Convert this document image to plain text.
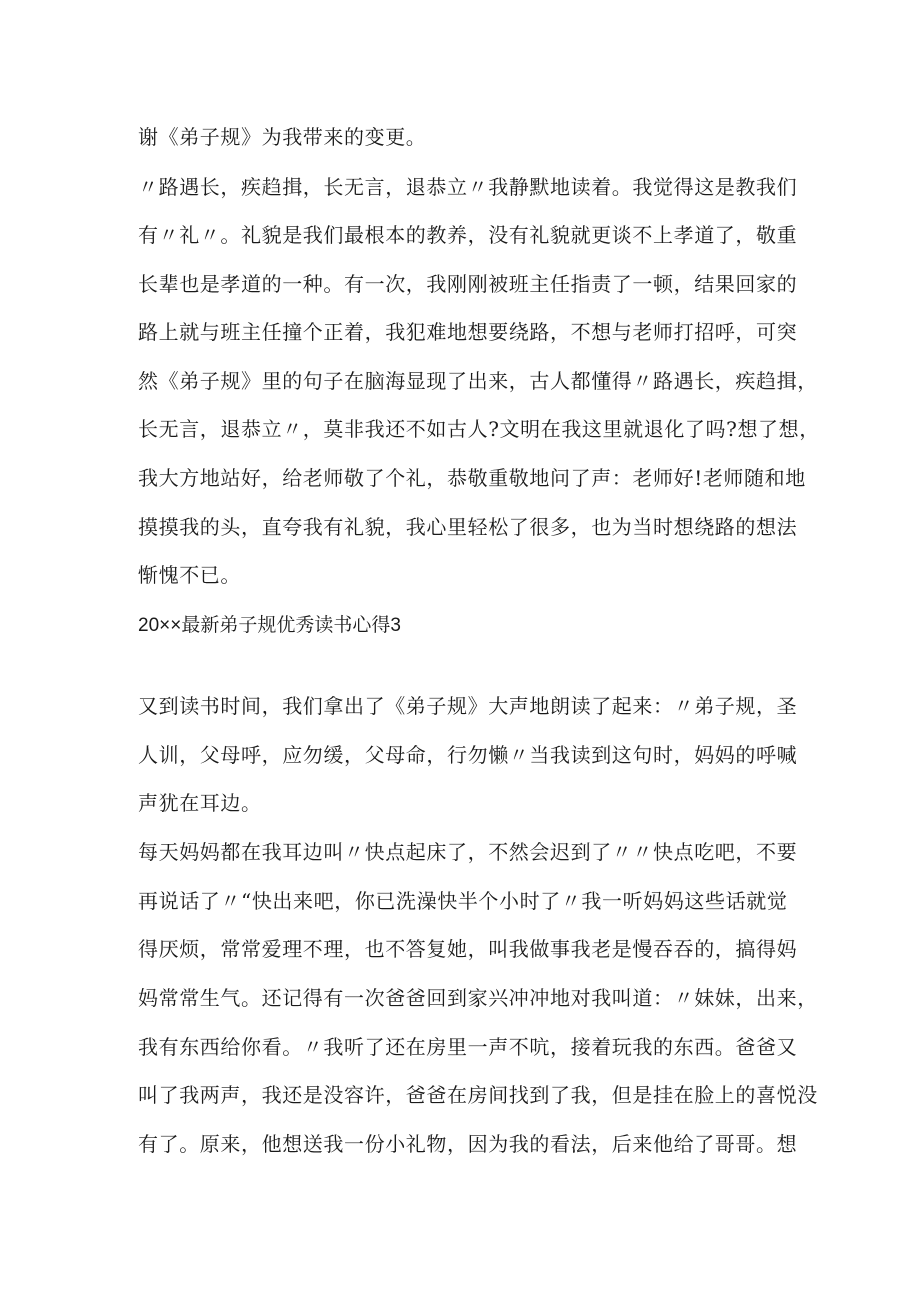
谢《弟子规》为我带来的变更。
〃路遇长，疾趋揖，长无言，退恭立〃我静默地读着。我觉得这是教我们
有〃礼〃。礼貌是我们最根本的教养，没有礼貌就更谈不上孝道了，敬重
长辈也是孝道的一种。有一次，我刚刚被班主任指责了一顿，结果回家的
路上就与班主任撞个正着，我犯难地想要绕路，不想与老师打招呼，可突
然《弟子规》里的句子在脑海显现了出来，古人都懂得〃路遇长，疾趋揖，
长无言，退恭立〃，莫非我还不如古人?文明在我这里就退化了吗?想了想，
我大方地站好，给老师敬了个礼，恭敬重敬地问了声：老师好!老师随和地
摸摸我的头，直夸我有礼貌，我心里轻松了很多，也为当时想绕路的想法
惭愧不已。
20××最新弟子规优秀读书心得3
又到读书时间，我们拿出了《弟子规》大声地朗读了起来：〃弟子规，圣
人训，父母呼，应勿缓，父母命，行勿懒〃当我读到这句时，妈妈的呼喊
声犹在耳边。
每天妈妈都在我耳边叫〃快点起床了，不然会迟到了〃〃快点吃吧，不要
再说话了〃“快出来吧，你已洗澡快半个小时了〃我一听妈妈这些话就觉
得厌烦，常常爱理不理，也不答复她，叫我做事我老是慢吞吞的，搞得妈
妈常常生气。还记得有一次爸爸回到家兴冲冲地对我叫道：〃妹妹，出来，
我有东西给你看。〃我听了还在房里一声不吭，接着玩我的东西。爸爸又
叫了我两声，我还是没容许，爸爸在房间找到了我，但是挂在脸上的喜悦没
有了。原来，他想送我一份小礼物，因为我的看法，后来他给了哥哥。想
